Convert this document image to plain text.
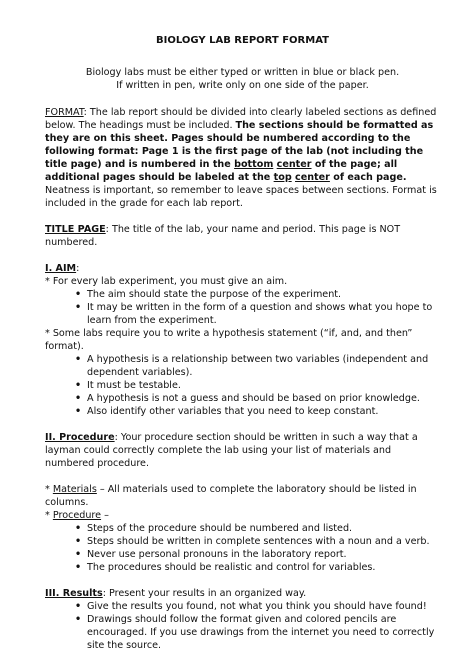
BIOLOGY LAB REPORT FORMAT
Biology labs must be either typed or written in blue or black pen.
If written in pen, write only on one side of the paper.

FORMAT: The lab report should be divided into clearly labeled sections as defined below. The headings must be included. The sections should be formatted as they are on this sheet. Pages should be numbered according to the following format: Page 1 is the first page of the lab (not including the title page) and is numbered in the bottom center of the page; all additional pages should be labeled at the top center of each page. Neatness is important, so remember to leave spaces between sections. Format is included in the grade for each lab report.

TITLE PAGE: The title of the lab, your name and period. This page is NOT numbered.

I. AIM:
* For every lab experiment, you must give an aim.
• The aim should state the purpose of the experiment.
• It may be written in the form of a question and shows what you hope to learn from the experiment.
* Some labs require you to write a hypothesis statement (“if, and, and then” format).
• A hypothesis is a relationship between two variables (independent and dependent variables).
• It must be testable.
• A hypothesis is not a guess and should be based on prior knowledge.
• Also identify other variables that you need to keep constant.

II. Procedure: Your procedure section should be written in such a way that a layman could correctly complete the lab using your list of materials and numbered procedure.

* Materials – All materials used to complete the laboratory should be listed in columns.
* Procedure –
• Steps of the procedure should be numbered and listed.
• Steps should be written in complete sentences with a noun and a verb.
• Never use personal pronouns in the laboratory report.
• The procedures should be realistic and control for variables.
III. Results: Present your results in an organized way.
• Give the results you found, not what you think you should have found!
• Drawings should follow the format given and colored pencils are encouraged. If you use drawings from the internet you need to correctly site the source.
